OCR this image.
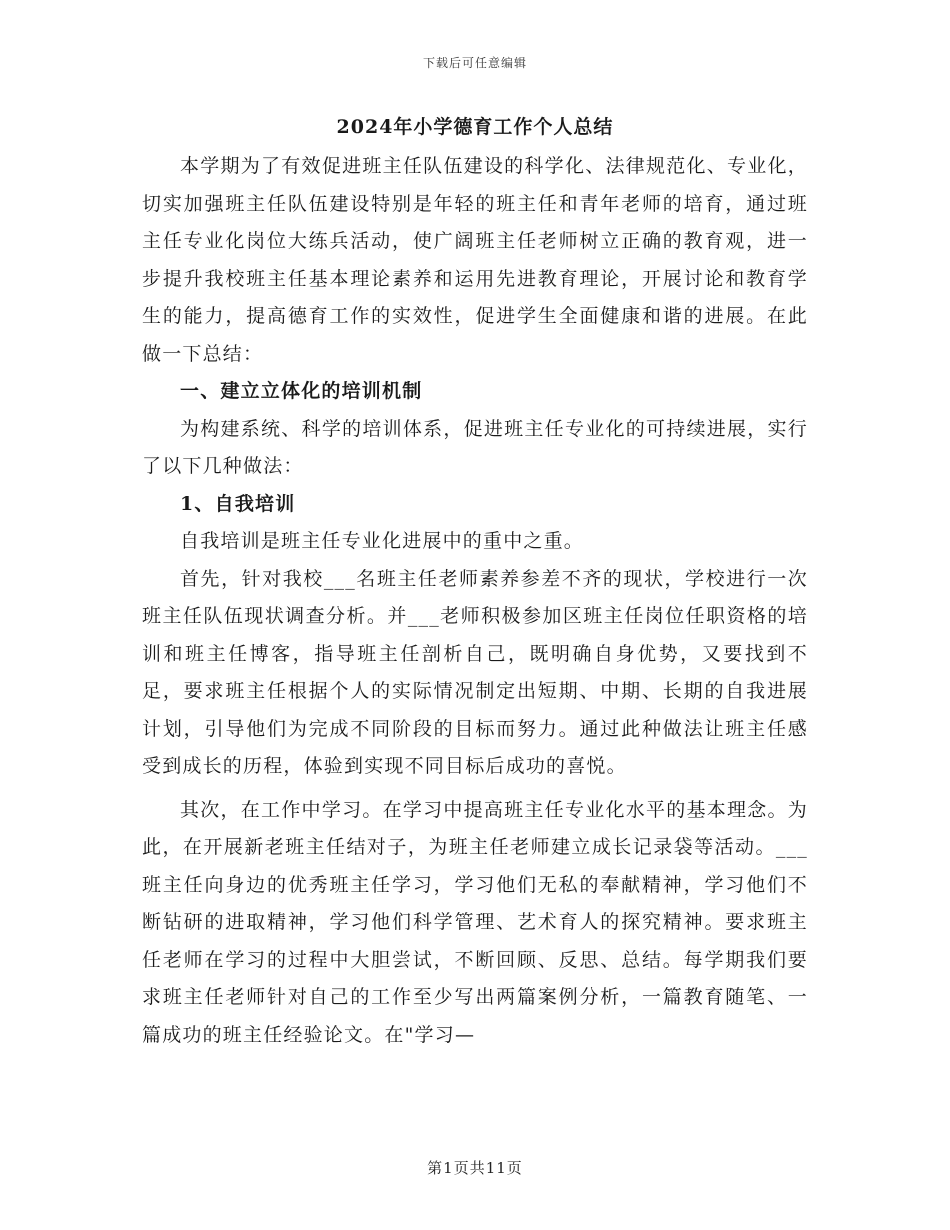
下载后可任意编辑
2024年小学德育工作个人总结

本学期为了有效促进班主任队伍建设的科学化、法律规范化、专业化，切实加强班主任队伍建设特别是年轻的班主任和青年老师的培育，通过班主任专业化岗位大练兵活动，使广阔班主任老师树立正确的教育观，进一步提升我校班主任基本理论素养和运用先进教育理论，开展讨论和教育学生的能力，提高德育工作的实效性，促进学生全面健康和谐的进展。在此做一下总结：

一、建立立体化的培训机制

为构建系统、科学的培训体系，促进班主任专业化的可持续进展，实行了以下几种做法：

1、自我培训

自我培训是班主任专业化进展中的重中之重。

首先，针对我校___名班主任老师素养参差不齐的现状，学校进行一次班主任队伍现状调查分析。并___老师积极参加区班主任岗位任职资格的培训和班主任博客，指导班主任剖析自己，既明确自身优势，又要找到不足，要求班主任根据个人的实际情况制定出短期、中期、长期的自我进展计划，引导他们为完成不同阶段的目标而努力。通过此种做法让班主任感受到成长的历程，体验到实现不同目标后成功的喜悦。

其次，在工作中学习。在学习中提高班主任专业化水平的基本理念。为此，在开展新老班主任结对子，为班主任老师建立成长记录袋等活动。___班主任向身边的优秀班主任学习，学习他们无私的奉献精神，学习他们不断钻研的进取精神，学习他们科学管理、艺术育人的探究精神。要求班主任老师在学习的过程中大胆尝试，不断回顾、反思、总结。每学期我们要求班主任老师针对自己的工作至少写出两篇案例分析，一篇教育随笔、一篇成功的班主任经验论文。在"学习—

第1页共11页
